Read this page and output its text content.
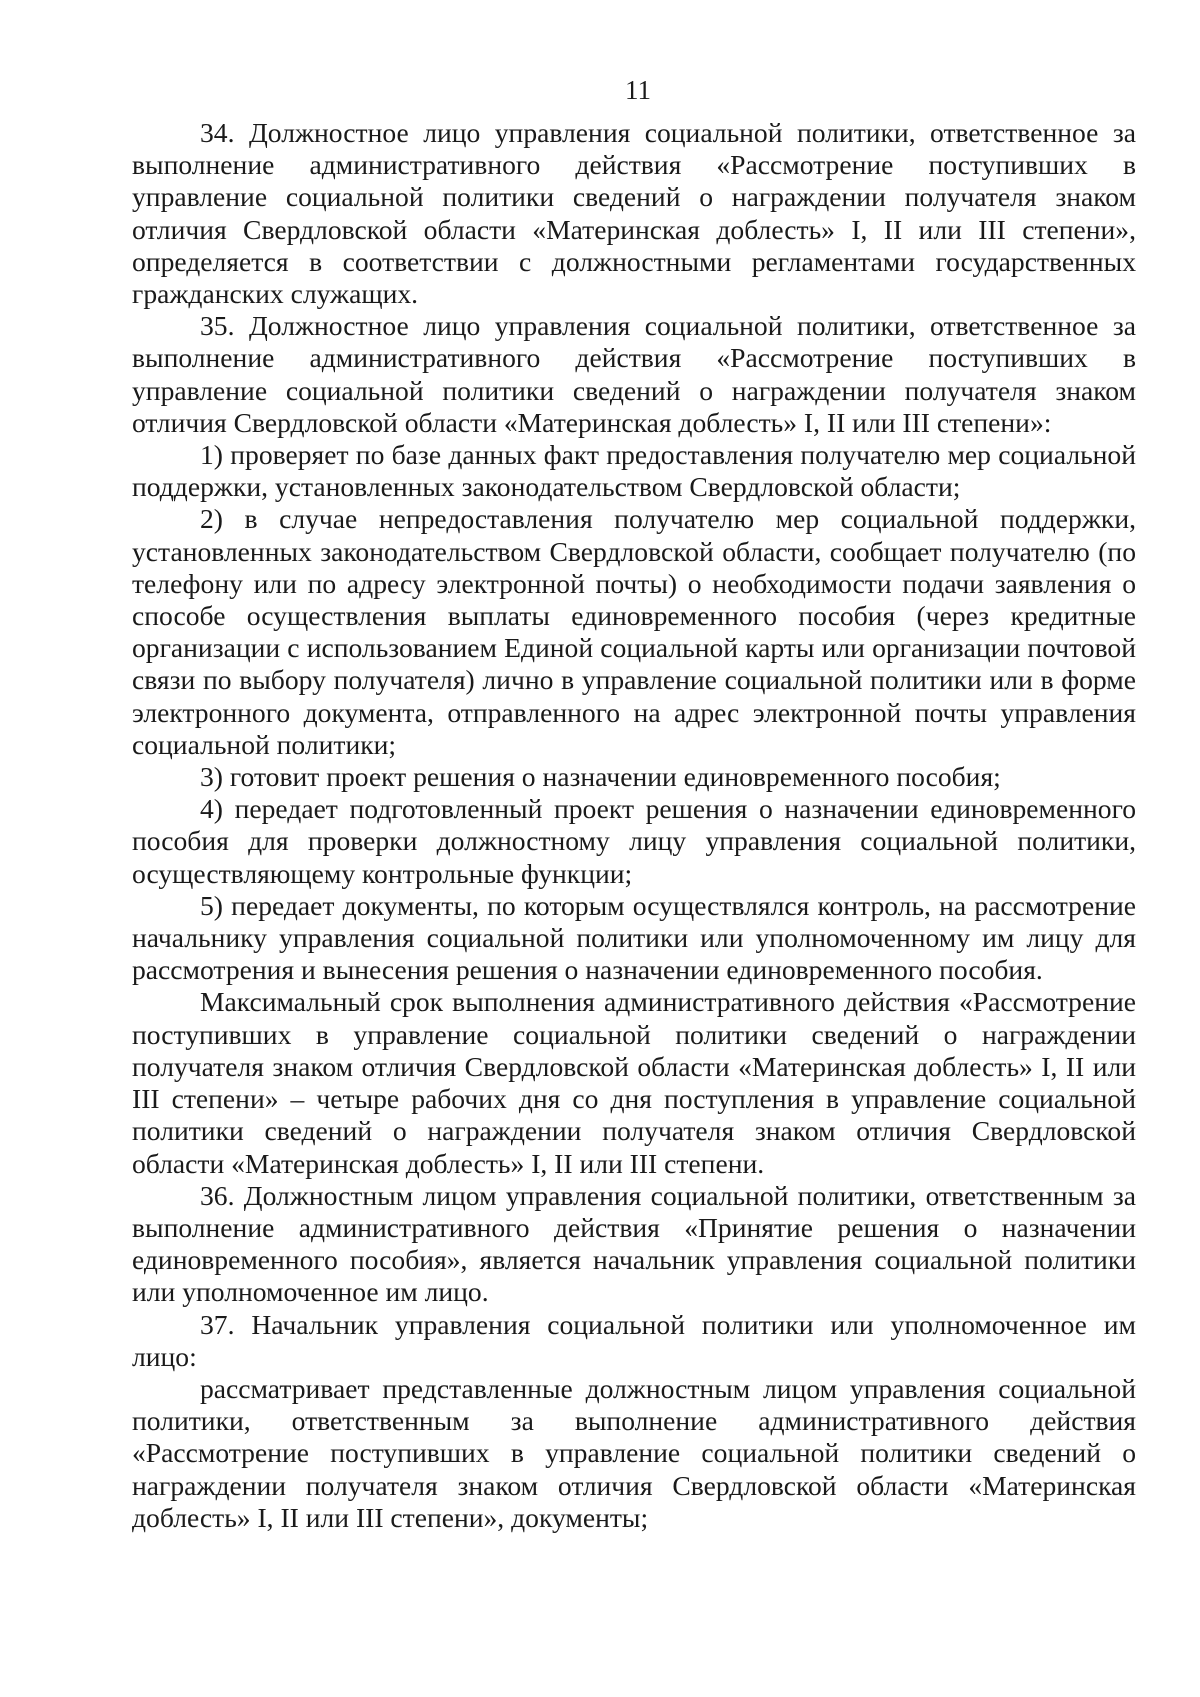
11

34. Должностное лицо управления социальной политики, ответственное за выполнение административного действия «Рассмотрение поступивших в управление социальной политики сведений о награждении получателя знаком отличия Свердловской области «Материнская доблесть» I, II или III степени», определяется в соответствии с должностными регламентами государственных гражданских служащих.

35. Должностное лицо управления социальной политики, ответственное за выполнение административного действия «Рассмотрение поступивших в управление социальной политики сведений о награждении получателя знаком отличия Свердловской области «Материнская доблесть» I, II или III степени»:

1) проверяет по базе данных факт предоставления получателю мер социальной поддержки, установленных законодательством Свердловской области;

2) в случае непредоставления получателю мер социальной поддержки, установленных законодательством Свердловской области, сообщает получателю (по телефону или по адресу электронной почты) о необходимости подачи заявления о способе осуществления выплаты единовременного пособия (через кредитные организации с использованием Единой социальной карты или организации почтовой связи по выбору получателя) лично в управление социальной политики или в форме электронного документа, отправленного на адрес электронной почты управления социальной политики;

3) готовит проект решения о назначении единовременного пособия;

4) передает подготовленный проект решения о назначении единовременного пособия для проверки должностному лицу управления социальной политики, осуществляющему контрольные функции;

5) передает документы, по которым осуществлялся контроль, на рассмотрение начальнику управления социальной политики или уполномоченному им лицу для рассмотрения и вынесения решения о назначении единовременного пособия.

Максимальный срок выполнения административного действия «Рассмотрение поступивших в управление социальной политики сведений о награждении получателя знаком отличия Свердловской области «Материнская доблесть» I, II или III степени» – четыре рабочих дня со дня поступления в управление социальной политики сведений о награждении получателя знаком отличия Свердловской области «Материнская доблесть» I, II или III степени.

36. Должностным лицом управления социальной политики, ответственным за выполнение административного действия «Принятие решения о назначении единовременного пособия», является начальник управления социальной политики или уполномоченное им лицо.

37. Начальник управления социальной политики или уполномоченное им лицо:

рассматривает представленные должностным лицом управления социальной политики, ответственным за выполнение административного действия «Рассмотрение поступивших в управление социальной политики сведений о награждении получателя знаком отличия Свердловской области «Материнская доблесть» I, II или III степени», документы;
